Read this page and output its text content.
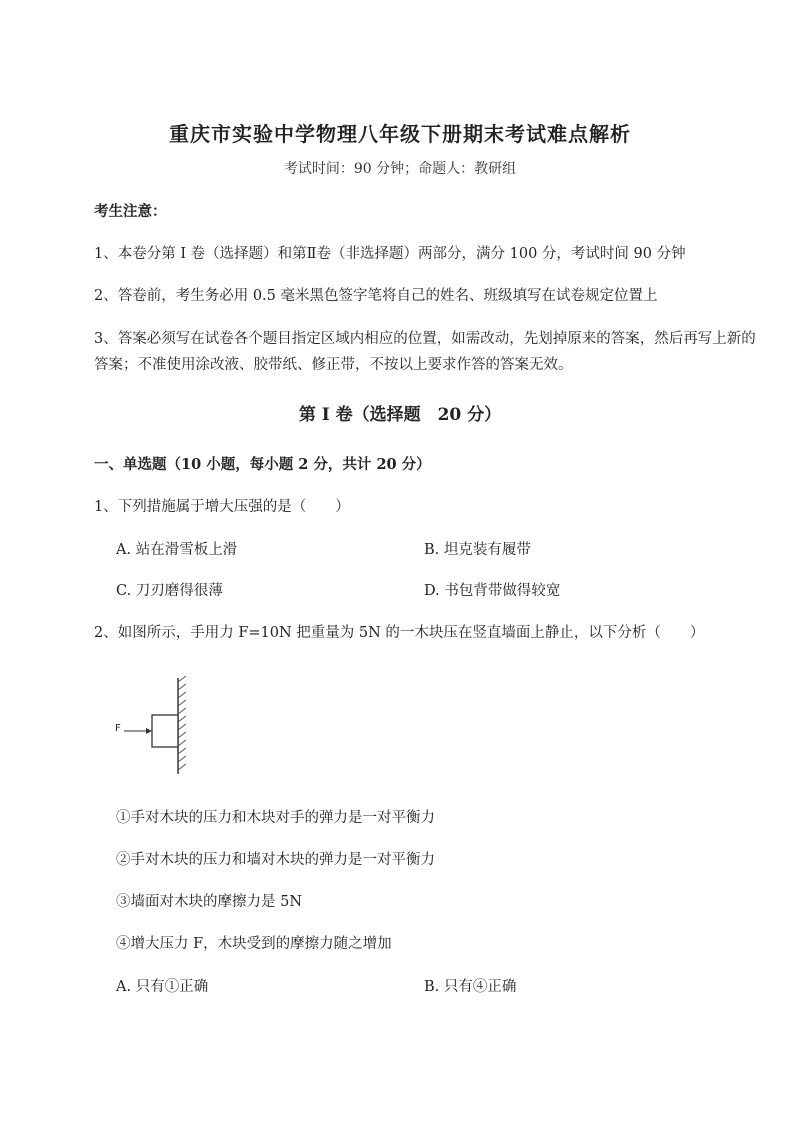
重庆市实验中学物理八年级下册期末考试难点解析
考试时间：90 分钟；命题人：教研组
考生注意：
1、本卷分第 I 卷（选择题）和第Ⅱ卷（非选择题）两部分，满分 100 分，考试时间 90 分钟
2、答卷前，考生务必用 0.5 毫米黑色签字笔将自己的姓名、班级填写在试卷规定位置上
3、答案必须写在试卷各个题目指定区域内相应的位置，如需改动，先划掉原来的答案，然后再写上新的答案；不准使用涂改液、胶带纸、修正带，不按以上要求作答的答案无效。
第 I 卷（选择题　20 分）
一、单选题（10 小题，每小题 2 分，共计 20 分）
1、下列措施属于增大压强的是（　　）
A. 站在滑雪板上滑	B. 坦克装有履带
C. 刀刃磨得很薄	D. 书包背带做得较宽
2、如图所示，手用力 F=10N 把重量为 5N 的一木块压在竖直墙面上静止，以下分析（　　）
F
①手对木块的压力和木块对手的弹力是一对平衡力
②手对木块的压力和墙对木块的弹力是一对平衡力
③墙面对木块的摩擦力是 5N
④增大压力 F，木块受到的摩擦力随之增加
A. 只有①正确	B. 只有④正确
